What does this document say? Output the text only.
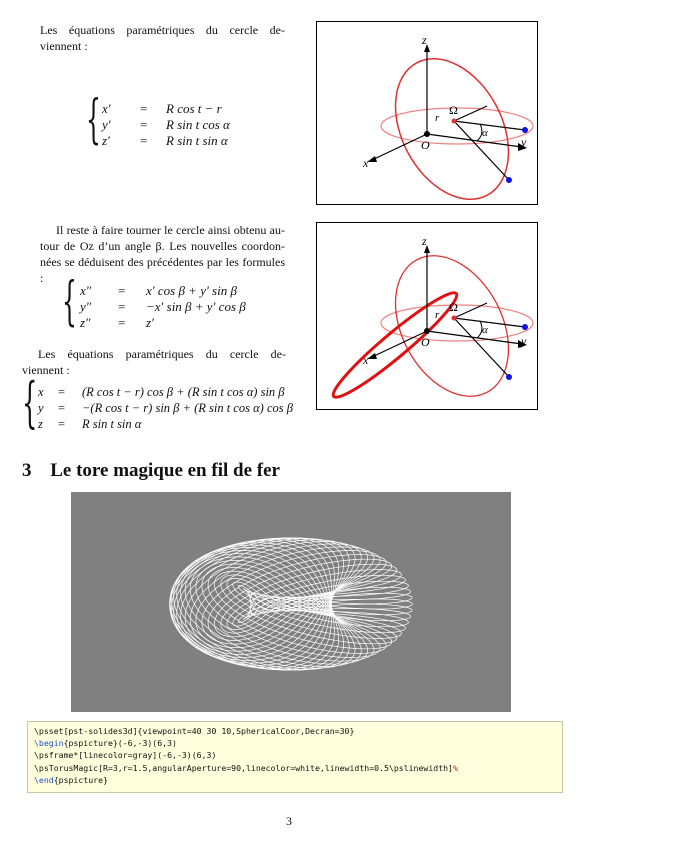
Les équations paramétriques du cercle de-
viennent :
{ x′ = R cos t − r
y′ = R sin t cos α
z′ = R sin t sin α
z
x
y
O
Ω
r
α
Il reste à faire tourner le cercle ainsi obtenu au-
tour de Oz d’un angle β. Les nouvelles coordon-
nées se déduisent des précédentes par les formules : { x″ = x′ cos β + y′ sin β
y″ = −x′ sin β + y′ cos β
z″ = z′
z
x
y
O
Ω
r
α
Les équations paramétriques du cercle de-
viennent :
{ x = (R cos t − r) cos β + (R sin t cos α) sin β
y = −(R cos t − r) sin β + (R sin t cos α) cos β
z = R sin t sin α
3 Le tore magique en fil de fer
\psset[pst-solides3d]{viewpoint=40 30 10,SphericalCoor,Decran=30}
\begin{pspicture}(-6,-3)(6,3)
\psframe*[linecolor=gray](-6,-3)(6,3)
\psTorusMagic[R=3,r=1.5,angularAperture=90,linecolor=white,linewidth=0.5\pslinewidth]%
\end{pspicture}
3
